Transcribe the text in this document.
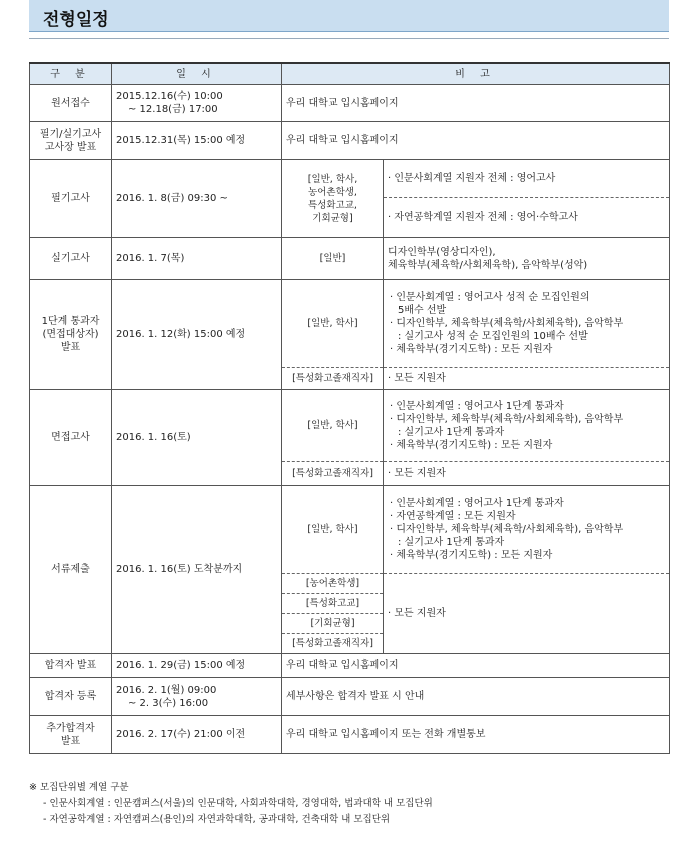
전형일정
구 분	일 시	비 고	
원서접수	2015.12.16(수) 10:00
~ 12.18(금) 17:00	우리 대학교 입시홈페이지	

필기/실기고사
고사장 발표	2015.12.31(목) 15:00 예정	우리 대학교 입시홈페이지	
필기고사	2016. 1. 8(금) 09:30 ~	[일반, 학사,
농어촌학생,
특성화고교,
기회균형]	· 인문사회계열 지원자 전체 : 영어고사
			· 자연공학계열 지원자 전체 : 영어·수학고사
실기고사	2016. 1. 7(목)	[일반]	디자인학부(영상디자인),
체육학부(체육학/사회체육학), 음악학부(성악)

1단계 통과자
(면접대상자)
발표	2016. 1. 12(화) 15:00 예정	[일반, 학사]	· 인문사회계열 : 영어고사 성적 순 모집인원의
5배수 선발
· 디자인학부, 체육학부(체육학/사회체육학), 음악학부
: 실기고사 성적 순 모집인원의 10배수 선발
· 체육학부(경기지도학) : 모든 지원자

		[특성화고졸재직자]	· 모든 지원자
면접고사	2016. 1. 16(토)	[일반, 학사]	· 인문사회계열 : 영어고사 1단계 통과자
· 디자인학부, 체육학부(체육학/사회체육학), 음악학부
: 실기고사 1단계 통과자
· 체육학부(경기지도학) : 모든 지원자

		[특성화고졸재직자]	· 모든 지원자
서류제출	2016. 1. 16(토) 도착분까지	[일반, 학사]	· 인문사회계열 : 영어고사 1단계 통과자
· 자연공학계열 : 모든 지원자
· 디자인학부, 체육학부(체육학/사회체육학), 음악학부
: 실기고사 1단계 통과자
· 체육학부(경기지도학) : 모든 지원자

		[농어촌학생]	· 모든 지원자
		[특성화고교]	
		[기회균형]	
		[특성화고졸재직자]	
합격자 발표	2016. 1. 29(금) 15:00 예정	우리 대학교 입시홈페이지	
합격자 등록	2016. 2. 1(월) 09:00
~ 2. 3(수) 16:00	세부사항은 합격자 발표 시 안내	

추가합격자
발표	2016. 2. 17(수) 21:00 이전	우리 대학교 입시홈페이지 또는 전화 개별통보	
※ 모집단위별 계열 구분
- 인문사회계열 : 인문캠퍼스(서울)의 인문대학, 사회과학대학, 경영대학, 법과대학 내 모집단위
- 자연공학계열 : 자연캠퍼스(용인)의 자연과학대학, 공과대학, 건축대학 내 모집단위
